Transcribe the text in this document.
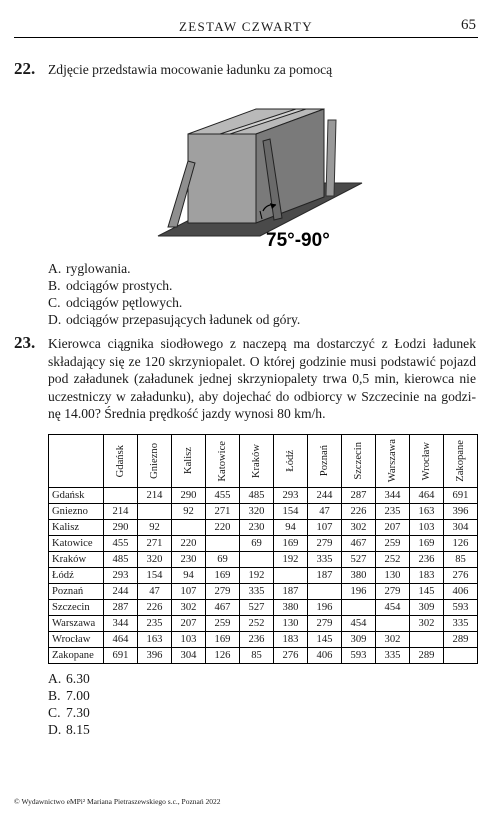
ZESTAW CZWARTY	65
22. Zdjęcie przedstawia mocowanie ładunku za pomocą
75°-90°
A. ryglowania.
B. odciągów prostych.
C. odciągów pętlowych.
D. odciągów przepasujących ładunek od góry.
23. Kierowca ciągnika siodłowego z naczepą ma dostarczyć z Łodzi ładunek
składający się ze 120 skrzyniopalet. O której godzinie musi podstawić pojazd
pod załadunek (załadunek jednej skrzyniopalety trwa 0,5 min, kierowca nie
uczestniczy w załadunku), aby dojechać do odbiorcy w Szczecinie na godzi-
nę 14.00? Średnia prędkość jazdy wynosi 80 km/h.

	Gdańsk	Gniezno	Kalisz	Katowice	Kraków	Łódź	Poznań	Szczecin	Warszawa	Wrocław	Zakopane

Gdańsk		214	290	455	485	293	244	287	344	464	691
Gniezno	214		92	271	320	154	47	226	235	163	396
Kalisz	290	92		220	230	94	107	302	207	103	304
Katowice	455	271	220		69	169	279	467	259	169	126
Kraków	485	320	230	69		192	335	527	252	236	85
Łódź	293	154	94	169	192		187	380	130	183	276
Poznań	244	47	107	279	335	187		196	279	145	406
Szczecin	287	226	302	467	527	380	196		454	309	593
Warszawa	344	235	207	259	252	130	279	454		302	335
Wrocław	464	163	103	169	236	183	145	309	302		289
Zakopane	691	396	304	126	85	276	406	593	335	289	
A. 6.30
B. 7.00
C. 7.30
D. 8.15
© Wydawnictwo eMPi² Mariana Pietraszewskiego s.c., Poznań 2022
